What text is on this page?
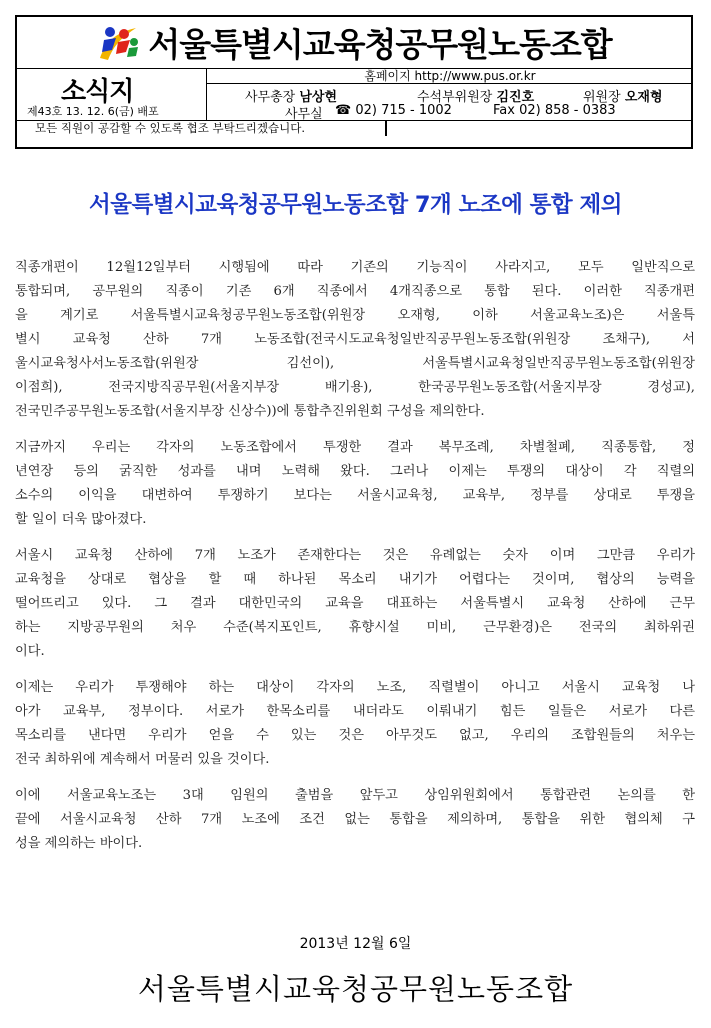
서울특별시교육청공무원노동조합
소식지
제43호 13. 12. 6(금) 배포
홈페이지 http://www.pus.or.kr
사무총장 남상현	수석부위원장 김진호	위원장 오재형
사무실 ☎ 02) 715 - 1002	Fax 02) 858 - 0383
모든 직원이 공감할 수 있도록 협조 부탁드리겠습니다.
서울특별시교육청공무원노동조합 7개 노조에 통합 제의
직종개편이 12월12일부터 시행됨에 따라 기존의 기능직이 사라지고, 모두 일반직으로
통합되며, 공무원의 직종이 기존 6개 직종에서 4개직종으로 통합 된다. 이러한 직종개편
을 계기로 서울특별시교육청공무원노동조합(위원장 오재형, 이하 서울교육노조)은 서울특
별시 교육청 산하 7개 노동조합(전국시도교육청일반직공무원노동조합(위원장 조채구), 서
울시교육청사서노동조합(위원장 김선이), 서울특별시교육청일반직공무원노동조합(위원장
이점희), 전국지방직공무원(서울지부장 배기용), 한국공무원노동조합(서울지부장 경성교),
전국민주공무원노동조합(서울지부장 신상수))에 통합추진위원회 구성을 제의한다.
지금까지 우리는 각자의 노동조합에서 투쟁한 결과 복무조례, 차별철폐, 직종통합, 정
년연장 등의 굵직한 성과를 내며 노력해 왔다. 그러나 이제는 투쟁의 대상이 각 직렬의
소수의 이익을 대변하여 투쟁하기 보다는 서울시교육청, 교육부, 정부를 상대로 투쟁을
할 일이 더욱 많아졌다.
서울시 교육청 산하에 7개 노조가 존재한다는 것은 유례없는 숫자 이며 그만큼 우리가
교육청을 상대로 협상을 할 때 하나된 목소리 내기가 어렵다는 것이며, 협상의 능력을
떨어뜨리고 있다. 그 결과 대한민국의 교육을 대표하는 서울특별시 교육청 산하에 근무
하는 지방공무원의 처우 수준(복지포인트, 휴향시설 미비, 근무환경)은 전국의 최하위권
이다.
이제는 우리가 투쟁해야 하는 대상이 각자의 노조, 직렬별이 아니고 서울시 교육청 나
아가 교육부, 정부이다. 서로가 한목소리를 내더라도 이뤄내기 힘든 일들은 서로가 다른
목소리를 낸다면 우리가 얻을 수 있는 것은 아무것도 없고, 우리의 조합원들의 처우는
전국 최하위에 계속해서 머물러 있을 것이다.
이에 서울교육노조는 3대 임원의 출범을 앞두고 상임위원회에서 통합관련 논의를 한
끝에 서울시교육청 산하 7개 노조에 조건 없는 통합을 제의하며, 통합을 위한 협의체 구
성을 제의하는 바이다.
2013년 12월 6일
서울특별시교육청공무원노동조합
